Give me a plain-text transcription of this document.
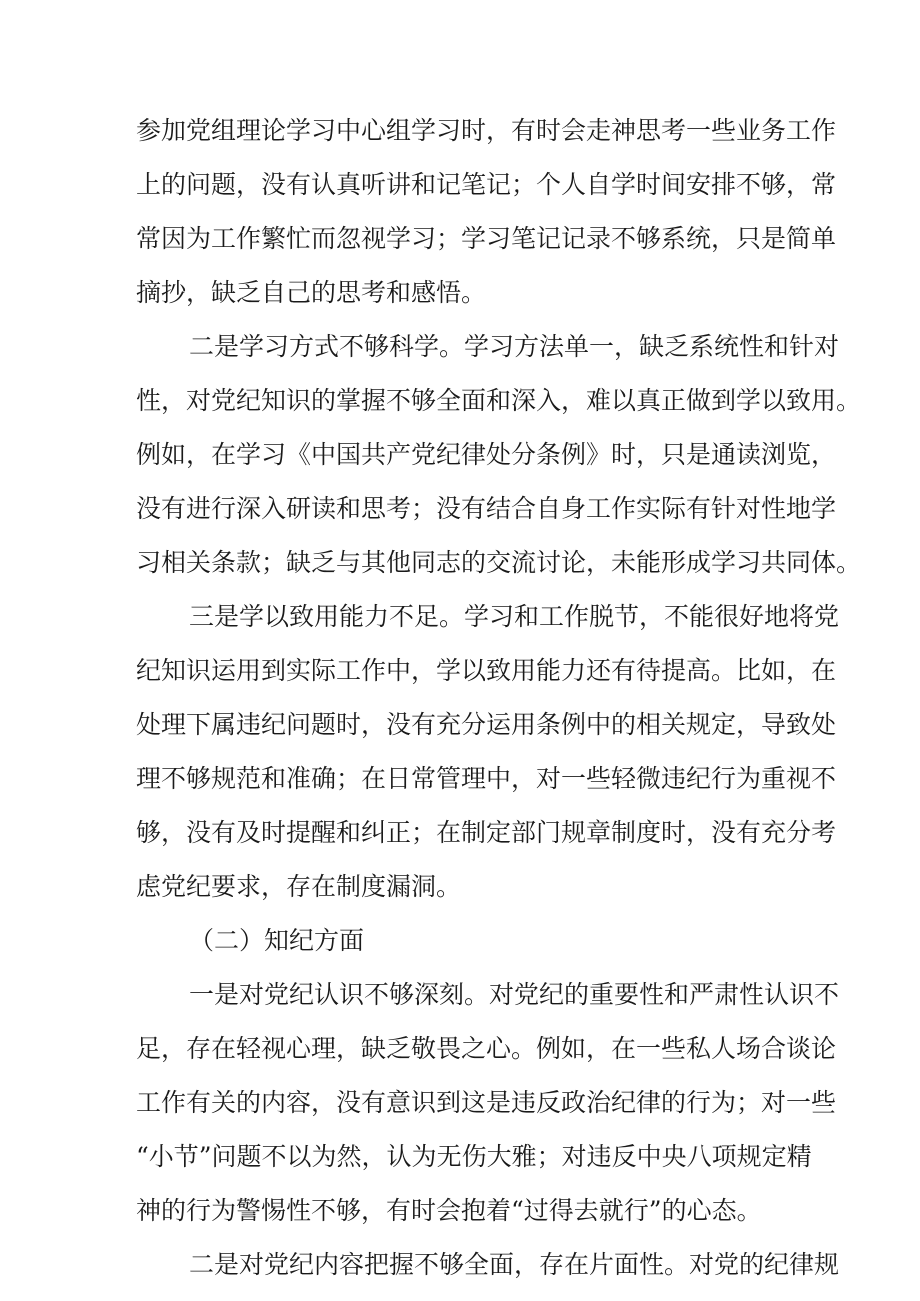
参加党组理论学习中心组学习时，有时会走神思考一些业务工作
上的问题，没有认真听讲和记笔记；个人自学时间安排不够，常
常因为工作繁忙而忽视学习；学习笔记记录不够系统，只是简单
摘抄，缺乏自己的思考和感悟。
二是学习方式不够科学。学习方法单一，缺乏系统性和针对
性，对党纪知识的掌握不够全面和深入，难以真正做到学以致用。
例如，在学习《中国共产党纪律处分条例》时，只是通读浏览，
没有进行深入研读和思考；没有结合自身工作实际有针对性地学
习相关条款；缺乏与其他同志的交流讨论，未能形成学习共同体。
三是学以致用能力不足。学习和工作脱节，不能很好地将党
纪知识运用到实际工作中，学以致用能力还有待提高。比如，在
处理下属违纪问题时，没有充分运用条例中的相关规定，导致处
理不够规范和准确；在日常管理中，对一些轻微违纪行为重视不
够，没有及时提醒和纠正；在制定部门规章制度时，没有充分考
虑党纪要求，存在制度漏洞。
（二）知纪方面
一是对党纪认识不够深刻。对党纪的重要性和严肃性认识不
足，存在轻视心理，缺乏敬畏之心。例如，在一些私人场合谈论
工作有关的内容，没有意识到这是违反政治纪律的行为；对一些
“小节”问题不以为然，认为无伤大雅；对违反中央八项规定精
神的行为警惕性不够，有时会抱着“过得去就行”的心态。
二是对党纪内容把握不够全面，存在片面性。对党的纪律规
